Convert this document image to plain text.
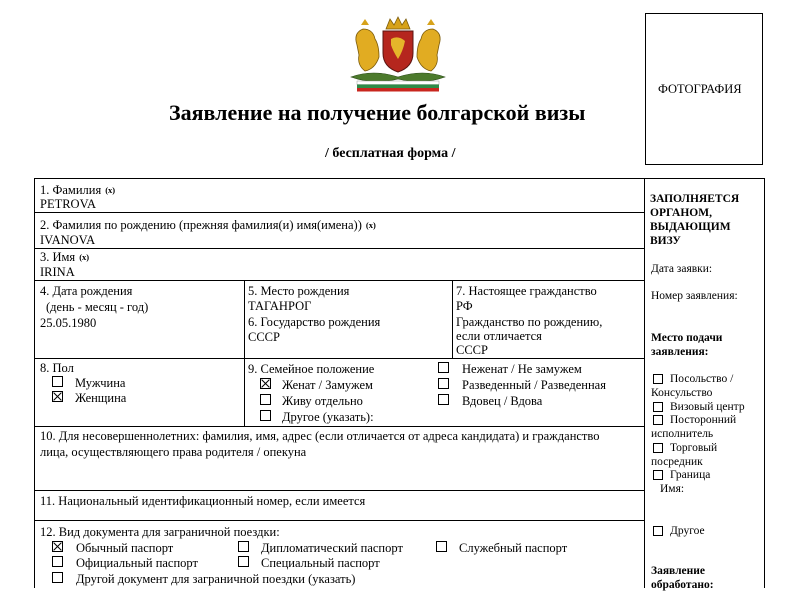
Заявление на получение болгарской визы
/ бесплатная форма /
ФОТОГРАФИЯ
1. Фамилия $^{(x)}$
PETROVA
2. Фамилия по рождению (прежняя фамилия(и) имя(имена)) $^{(x)}$
IVANOVA
3. Имя $^{(x)}$
IRINA
4. Дата рождения
(день - месяц - год)
25.05.1980
5. Место рождения
ТАГАНРОГ
6. Государство рождения
СССР
7. Настоящее гражданство
РФ
Гражданство по рождению,
если отличается
СССР
8. Пол
Мужчина
Женщина
9. Семейное положение
Женат / Замужем
Живу отдельно
Другое (указать):
Неженат / Не замужем
Разведенный / Разведенная
Вдовец / Вдова
10. Для несовершеннолетних: фамилия, имя, адрес (если отличается от адреса кандидата) и гражданство
лица, осуществляющего права родителя / опекуна
11. Национальный идентификационный номер, если имеется
12. Вид документа для заграничной поездки:
Обычный паспорт	Дипломатический паспорт	Служебный паспорт
Официальный паспорт	Специальный паспорт
Другой документ для заграничной поездки (указать)
ЗАПОЛНЯЕТСЯ
ОРГАНОМ,
ВЫДАЮЩИМ
ВИЗУ
Дата заявки:
Номер заявления:
Место подачи
заявления:
Посольство /
Консульство
Визовый центр
Посторонний
исполнитель
Торговый
посредник
Граница
Имя:
Другое
Заявление
обработано:
